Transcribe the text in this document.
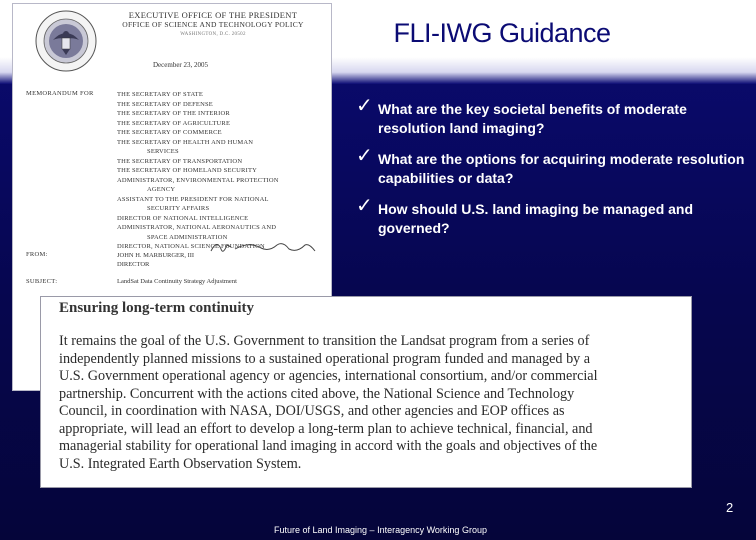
FLI-IWG Guidance
EXECUTIVE OFFICE OF THE PRESIDENT
OFFICE OF SCIENCE AND TECHNOLOGY POLICY
WASHINGTON, D.C. 20502
December 23, 2005
MEMORANDUM FOR	THE SECRETARY OF STATE
THE SECRETARY OF DEFENSE
THE SECRETARY OF THE INTERIOR
THE SECRETARY OF AGRICULTURE
THE SECRETARY OF COMMERCE
THE SECRETARY OF HEALTH AND HUMAN
SERVICES
THE SECRETARY OF TRANSPORTATION
THE SECRETARY OF HOMELAND SECURITY
ADMINISTRATOR, ENVIRONMENTAL PROTECTION
AGENCY
ASSISTANT TO THE PRESIDENT FOR NATIONAL
SECURITY AFFAIRS
DIRECTOR OF NATIONAL INTELLIGENCE
ADMINISTRATOR, NATIONAL AERONAUTICS AND
SPACE ADMINISTRATION
DIRECTOR, NATIONAL SCIENCE FOUNDATION
FROM:	JOHN H. MARBURGER, III
DIRECTOR
SUBJECT:	LandSat Data Continuity Strategy Adjustment
✓ What are the key societal benefits of moderate resolution land imaging?
✓ What are the options for acquiring moderate resolution capabilities or data?
✓ How should U.S. land imaging be managed and governed?
Ensuring long-term continuity
It remains the goal of the U.S. Government to transition the Landsat program from a series of
independently planned missions to a sustained operational program funded and managed by a
U.S. Government operational agency or agencies, international consortium, and/or commercial
partnership. Concurrent with the actions cited above, the National Science and Technology
Council, in coordination with NASA, DOI/USGS, and other agencies and EOP offices as
appropriate, will lead an effort to develop a long-term plan to achieve technical, financial, and
managerial stability for operational land imaging in accord with the goals and objectives of the
U.S. Integrated Earth Observation System.
2
Future of Land Imaging – Interagency Working Group
